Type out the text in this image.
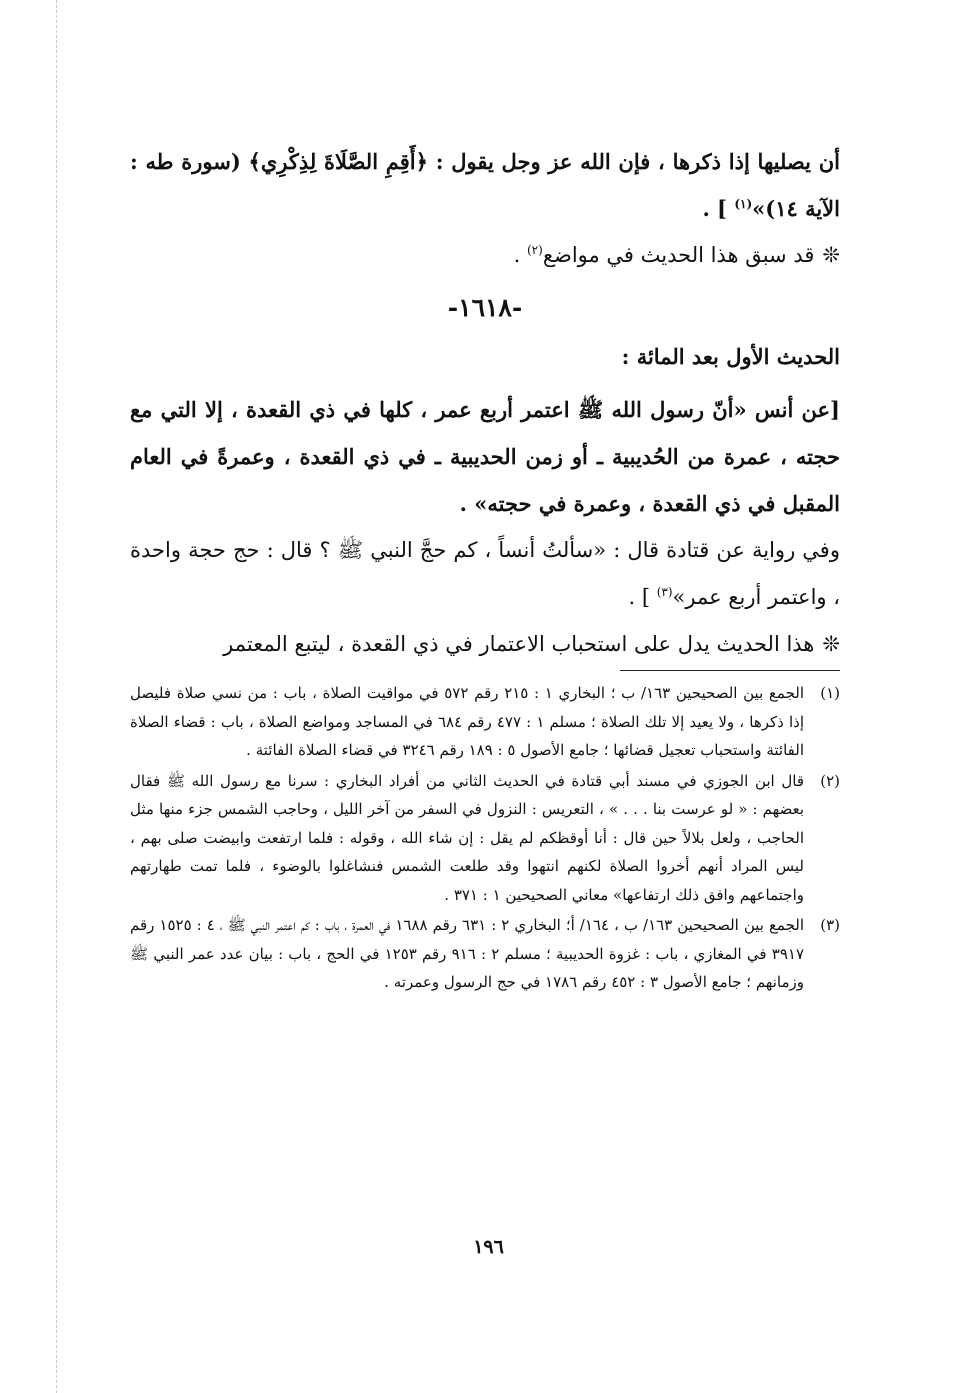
أن يصليها إذا ذكرها ، فإن الله عز وجل يقول : ﴿أَقِمِ الصَّلَاةَ لِذِكْرِي﴾ (سورة طه : الآية ١٤)»$^{(١)}$ ] .

❊قد سبق هذا الحديث في مواضع$^{(٢)}$ .

-١٦١٨-

الحديث الأول بعد المائة :

[عن أنس «أنّ رسول الله ﷺ اعتمر أربع عمر ، كلها في ذي القعدة ، إلا التي مع حجته ، عمرة من الحُديبية ـ أو زمن الحديبية ـ في ذي القعدة ، وعمرةً في العام المقبل في ذي القعدة ، وعمرة في حجته» .

وفي رواية عن قتادة قال : «سألتُ أنساً ، كم حجَّ النبي ﷺ ؟ قال : حج حجة واحدة ، واعتمر أربع عمر»$^{(٣)}$ ] .

❊هذا الحديث يدل على استحباب الاعتمار في ذي القعدة ، ليتبع المعتمر

(١)
الجمع بين الصحيحين ١٦٣/ ب ؛ البخاري ١ : ٢١٥ رقم ٥٧٢ في مواقيت الصلاة ، باب : من نسي صلاة فليصل إذا ذكرها ، ولا يعيد إلا تلك الصلاة ؛ مسلم ١ : ٤٧٧ رقم ٦٨٤ في المساجد ومواضع الصلاة ، باب : قضاء الصلاة الفائتة واستحباب تعجيل قضائها ؛ جامع الأصول ٥ : ١٨٩ رقم ٣٢٤٦ في قضاء الصلاة الفائتة .
(٢)
قال ابن الجوزي في مسند أبي قتادة في الحديث الثاني من أفراد البخاري : سرنا مع رسول الله ﷺ فقال بعضهم : « لو عرست بنا . . . » ، التعريس : النزول في السفر من آخر الليل ، وحاجب الشمس جزء منها مثل الحاجب ، ولعل بلالاً حين قال : أنا أوقظكم لم يقل : إن شاء الله ، وقوله : فلما ارتفعت وابيضت صلى بهم ، ليس المراد أنهم أخروا الصلاة لكنهم انتهوا وقد طلعت الشمس فنشاغلوا بالوضوء ، فلما تمت طهارتهم واجتماعهم وافق ذلك ارتفاعها» معاني الصحيحين ١ : ٣٧١ .
(٣)
الجمع بين الصحيحين ١٦٣/ ب ، ١٦٤/ أ؛ البخاري ٢ : ٦٣١ رقم ١٦٨٨ في العمرة ، باب : كم اعتمر النبي ﷺ ، ٤ : ١٥٢٥ رقم ٣٩١٧ في المغازي ، باب : غزوة الحديبية ؛ مسلم ٢ : ٩١٦ رقم ١٢٥٣ في الحج ، باب : بيان عدد عمر النبي ﷺ وزمانهم ؛ جامع الأصول ٣ : ٤٥٢ رقم ١٧٨٦ في حج الرسول وعمرته .
١٩٦
